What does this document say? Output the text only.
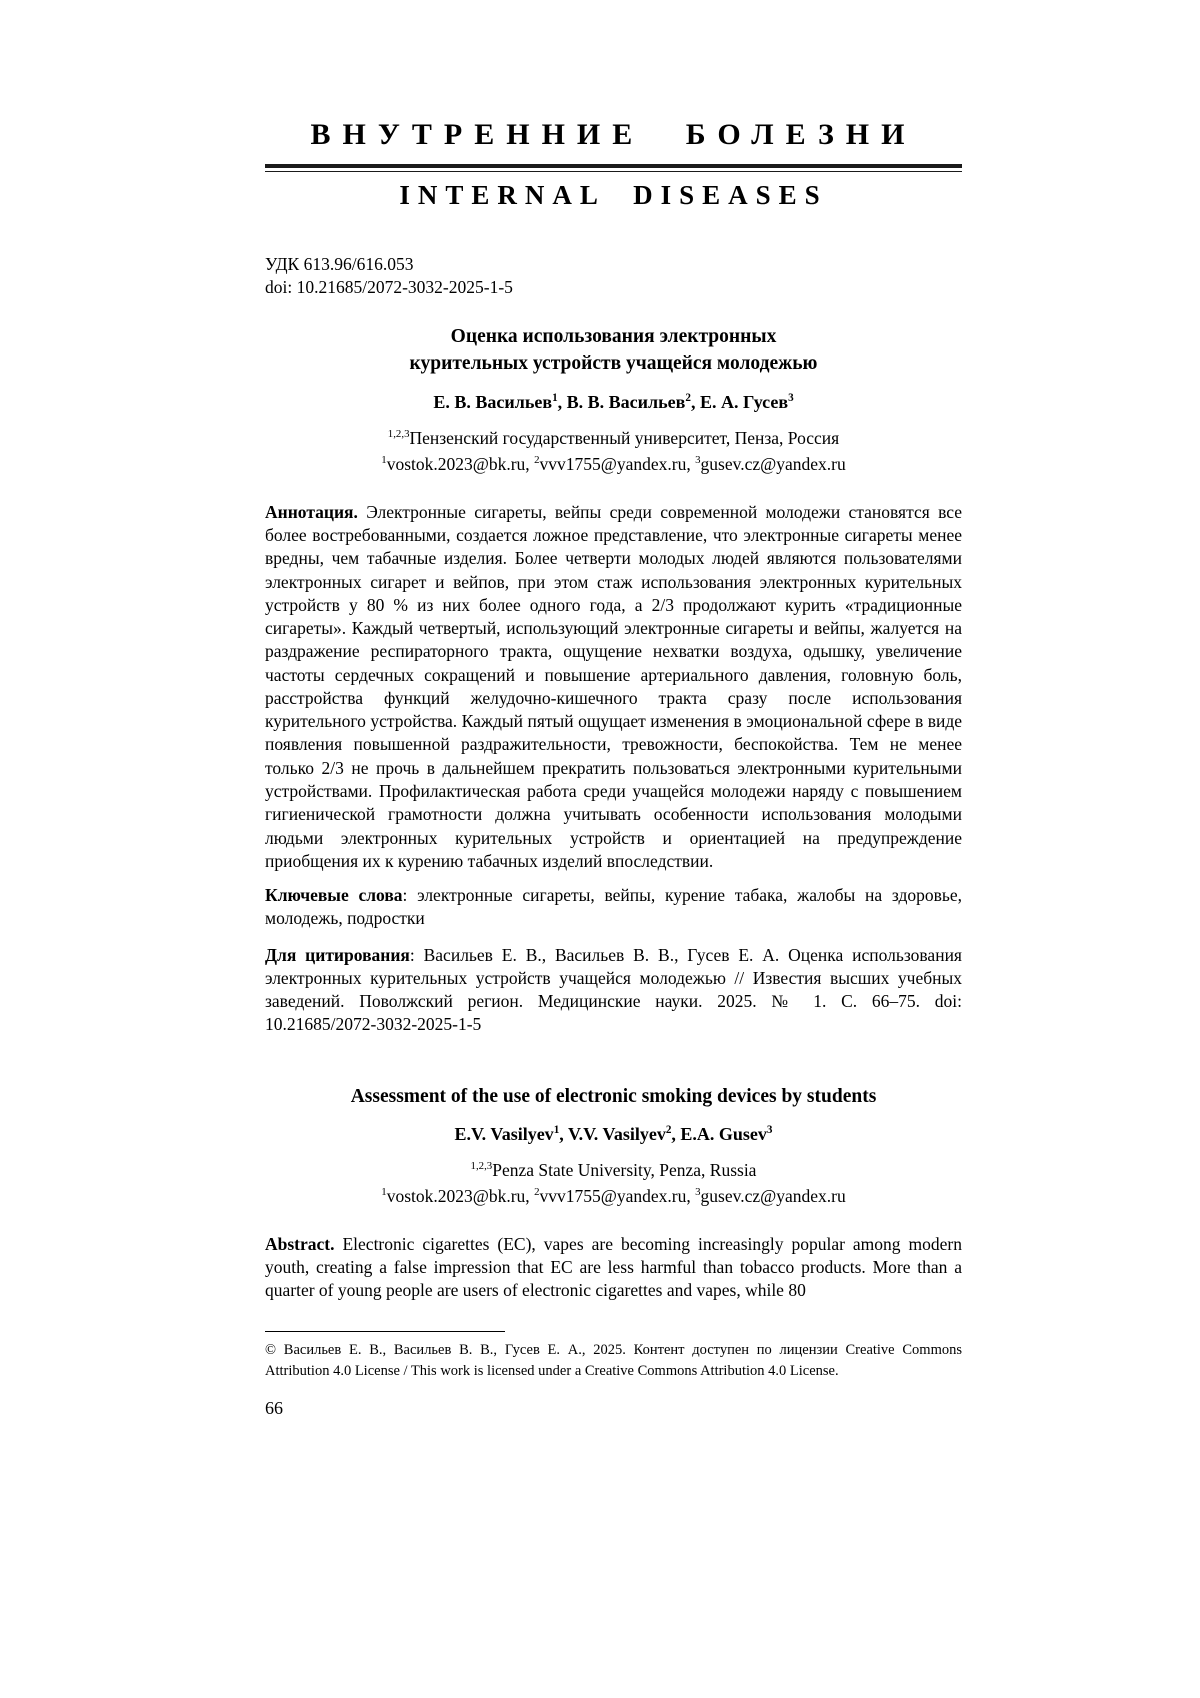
ВНУТРЕННИЕ БОЛЕЗНИ
INTERNAL DISEASES
УДК 613.96/616.053
doi: 10.21685/2072-3032-2025-1-5
Оценка использования электронных
курительных устройств учащейся молодежью
Е. В. Васильев$^1$, В. В. Васильев$^2$, Е. А. Гусев$^3$
$^{1,2,3}$Пензенский государственный университет, Пенза, Россия
$^1$vostok.2023@bk.ru, $^2$vvv1755@yandex.ru, $^3$gusev.cz@yandex.ru

Аннотация. Электронные сигареты, вейпы среди современной молодежи становятся все более востребованными, создается ложное представление, что электронные сигареты менее вредны, чем табачные изделия. Более четверти молодых людей являются пользователями электронных сигарет и вейпов, при этом стаж использования электронных курительных устройств у 80 % из них более одного года, а 2/3 продолжают курить «традиционные сигареты». Каждый четвертый, использующий электронные сигареты и вейпы, жалуется на раздражение респираторного тракта, ощущение нехватки воздуха, одышку, увеличение частоты сердечных сокращений и повышение артериального давления, головную боль, расстройства функций желудочно-кишечного тракта сразу после использования курительного устройства. Каждый пятый ощущает изменения в эмоциональной сфере в виде появления повышенной раздражительности, тревожности, беспокойства. Тем не менее только 2/3 не прочь в дальнейшем прекратить пользоваться электронными курительными устройствами. Профилактическая работа среди учащейся молодежи наряду с повышением гигиенической грамотности должна учитывать особенности использования молодыми людьми электронных курительных устройств и ориентацией на предупреждение приобщения их к курению табачных изделий впоследствии.

Ключевые слова: электронные сигареты, вейпы, курение табака, жалобы на здоровье, молодежь, подростки

Для цитирования: Васильев Е. В., Васильев В. В., Гусев Е. А. Оценка использования электронных курительных устройств учащейся молодежью // Известия высших учебных заведений. Поволжский регион. Медицинские науки. 2025. № 1. С. 66–75. doi: 10.21685/2072-3032-2025-1-5

Assessment of the use of electronic smoking devices by students
E.V. Vasilyev$^1$, V.V. Vasilyev$^2$, E.A. Gusev$^3$
$^{1,2,3}$Penza State University, Penza, Russia
$^1$vostok.2023@bk.ru, $^2$vvv1755@yandex.ru, $^3$gusev.cz@yandex.ru

Abstract. Electronic cigarettes (EC), vapes are becoming increasingly popular among modern youth, creating a false impression that EC are less harmful than tobacco products. More than a quarter of young people are users of electronic cigarettes and vapes, while 80

© Васильев Е. В., Васильев В. В., Гусев Е. А., 2025. Контент доступен по лицензии Creative Commons Attribution 4.0 License / This work is licensed under a Creative Commons Attribution 4.0 License.

66
